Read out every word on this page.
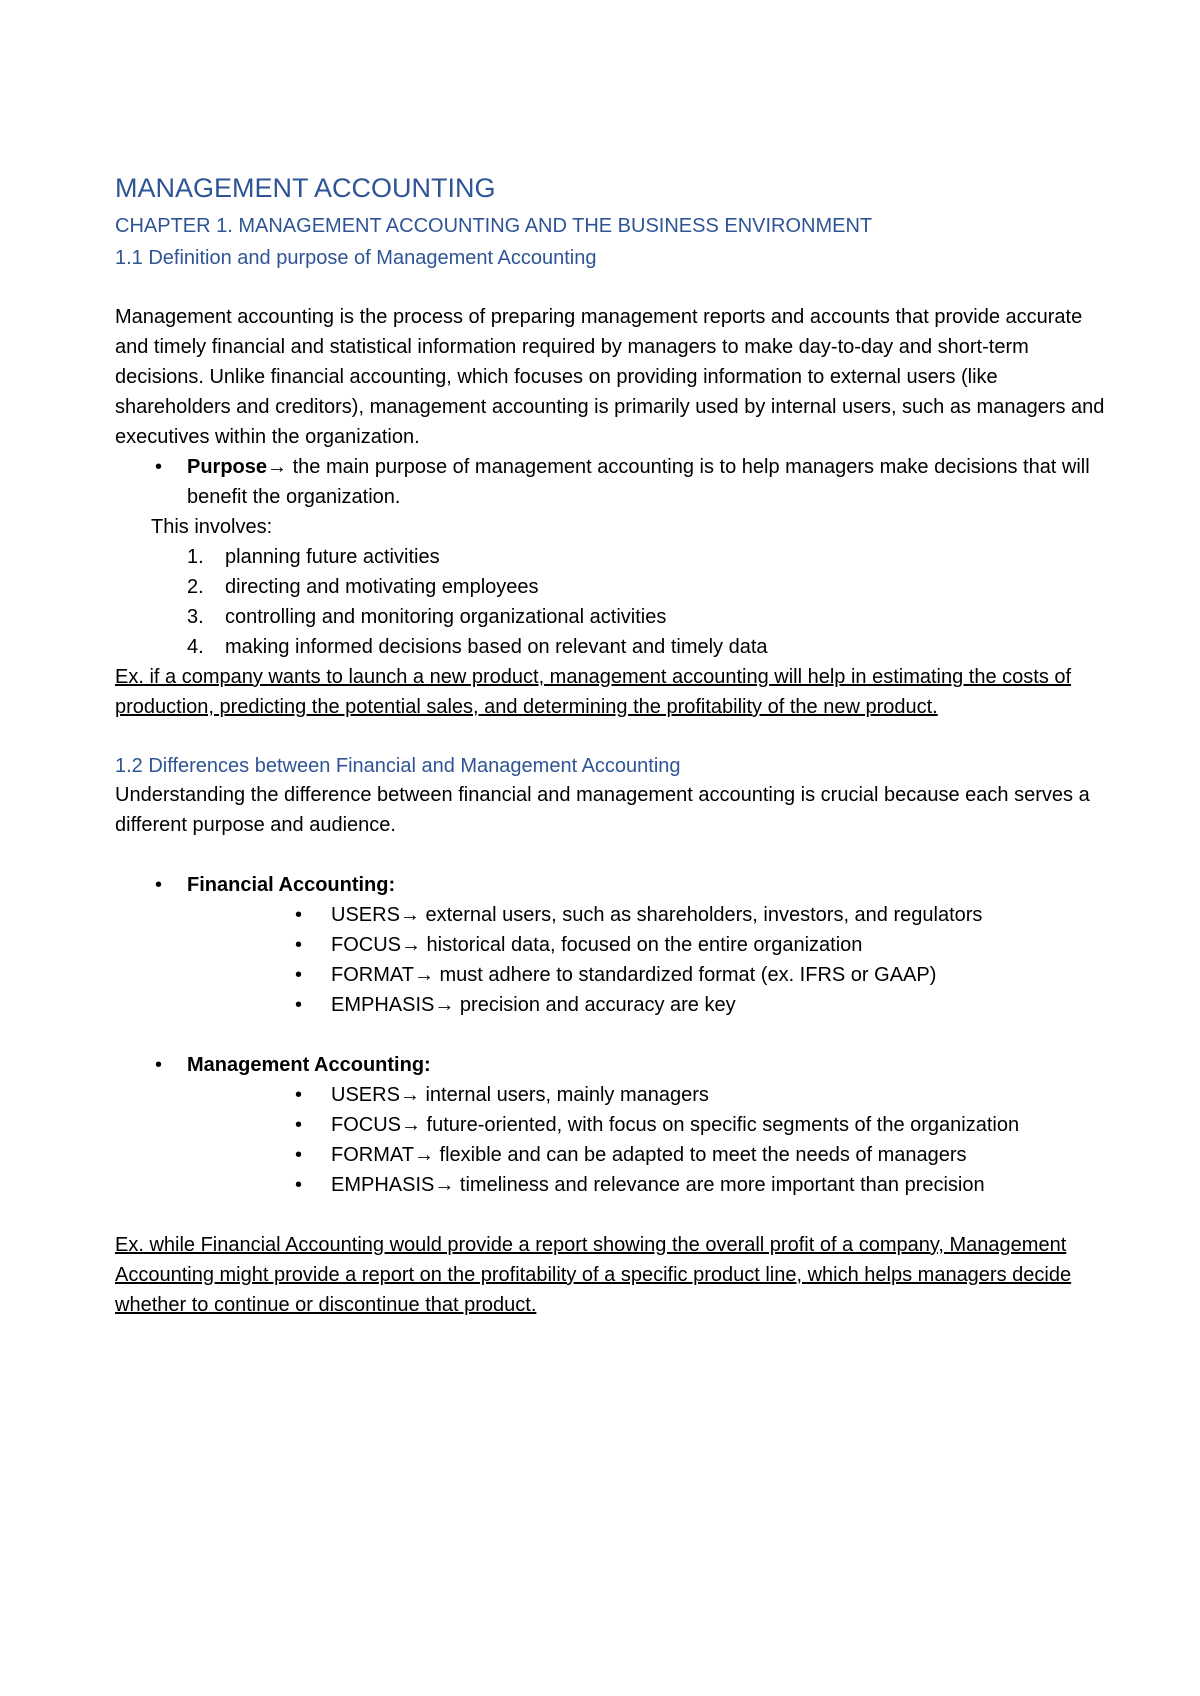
MANAGEMENT ACCOUNTING
CHAPTER 1. MANAGEMENT ACCOUNTING AND THE BUSINESS ENVIRONMENT
1.1 Definition and purpose of Management Accounting

Management accounting is the process of preparing management reports and accounts that provide accurate and timely financial and statistical information required by managers to make day-to-day and short-term decisions. Unlike financial accounting, which focuses on providing information to external users (like shareholders and creditors), management accounting is primarily used by internal users, such as managers and executives within the organization.

• Purpose→ the main purpose of management accounting is to help managers make decisions that will benefit the organization.

This involves:

1. planning future activities
2. directing and motivating employees
3. controlling and monitoring organizational activities
4. making informed decisions based on relevant and timely data

Ex. if a company wants to launch a new product, management accounting will help in estimating the costs of production, predicting the potential sales, and determining the profitability of the new product.

1.2 Differences between Financial and Management Accounting

Understanding the difference between financial and management accounting is crucial because each serves a different purpose and audience.

• Financial Accounting:
• USERS→ external users, such as shareholders, investors, and regulators
• FOCUS→ historical data, focused on the entire organization
• FORMAT→ must adhere to standardized format (ex. IFRS or GAAP)
• EMPHASIS→ precision and accuracy are key
• Management Accounting:
• USERS→ internal users, mainly managers
• FOCUS→ future-oriented, with focus on specific segments of the organization
• FORMAT→ flexible and can be adapted to meet the needs of managers
• EMPHASIS→ timeliness and relevance are more important than precision

Ex. while Financial Accounting would provide a report showing the overall profit of a company, Management Accounting might provide a report on the profitability of a specific product line, which helps managers decide whether to continue or discontinue that product.
